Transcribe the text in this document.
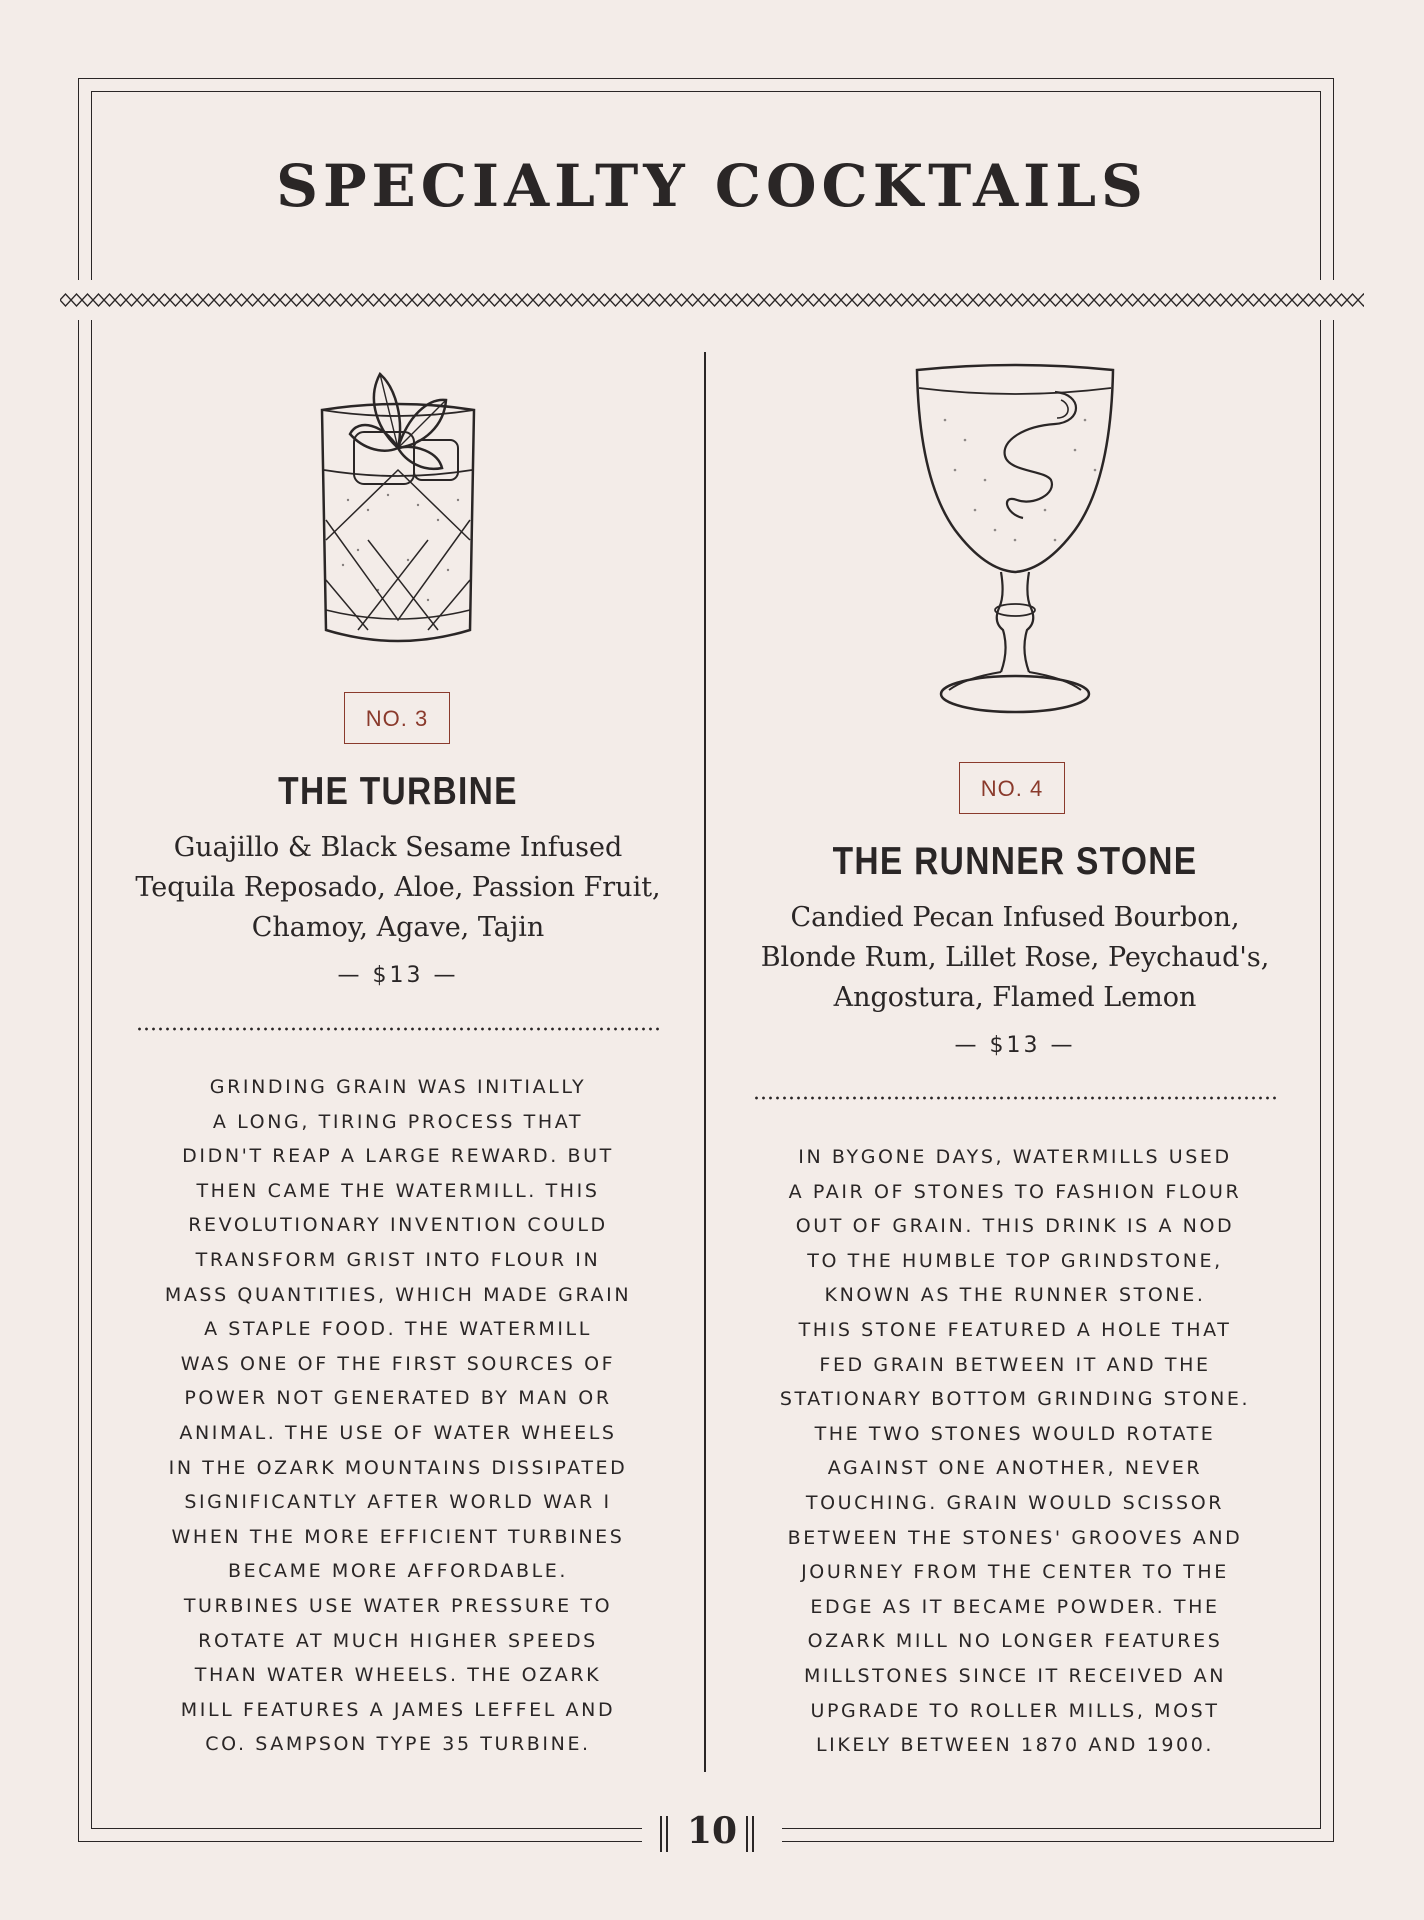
SPECIALTY COCKTAILS
NO. 3
THE TURBINE
Guajillo & Black Sesame Infused
Tequila Reposado, Aloe, Passion Fruit,
Chamoy, Agave, Tajin
— $13 —
GRINDING GRAIN WAS INITIALLY
A LONG, TIRING PROCESS THAT
DIDN'T REAP A LARGE REWARD. BUT
THEN CAME THE WATERMILL. THIS
REVOLUTIONARY INVENTION COULD
TRANSFORM GRIST INTO FLOUR IN
MASS QUANTITIES, WHICH MADE GRAIN
A STAPLE FOOD. THE WATERMILL
WAS ONE OF THE FIRST SOURCES OF
POWER NOT GENERATED BY MAN OR
ANIMAL. THE USE OF WATER WHEELS
IN THE OZARK MOUNTAINS DISSIPATED
SIGNIFICANTLY AFTER WORLD WAR I
WHEN THE MORE EFFICIENT TURBINES
BECAME MORE AFFORDABLE.
TURBINES USE WATER PRESSURE TO
ROTATE AT MUCH HIGHER SPEEDS
THAN WATER WHEELS. THE OZARK
MILL FEATURES A JAMES LEFFEL AND
CO. SAMPSON TYPE 35 TURBINE.
NO. 4
THE RUNNER STONE
Candied Pecan Infused Bourbon,
Blonde Rum, Lillet Rose, Peychaud's,
Angostura, Flamed Lemon
— $13 —
IN BYGONE DAYS, WATERMILLS USED
A PAIR OF STONES TO FASHION FLOUR
OUT OF GRAIN. THIS DRINK IS A NOD
TO THE HUMBLE TOP GRINDSTONE,
KNOWN AS THE RUNNER STONE.
THIS STONE FEATURED A HOLE THAT
FED GRAIN BETWEEN IT AND THE
STATIONARY BOTTOM GRINDING STONE.
THE TWO STONES WOULD ROTATE
AGAINST ONE ANOTHER, NEVER
TOUCHING. GRAIN WOULD SCISSOR
BETWEEN THE STONES' GROOVES AND
JOURNEY FROM THE CENTER TO THE
EDGE AS IT BECAME POWDER. THE
OZARK MILL NO LONGER FEATURES
MILLSTONES SINCE IT RECEIVED AN
UPGRADE TO ROLLER MILLS, MOST
LIKELY BETWEEN 1870 AND 1900.
10
